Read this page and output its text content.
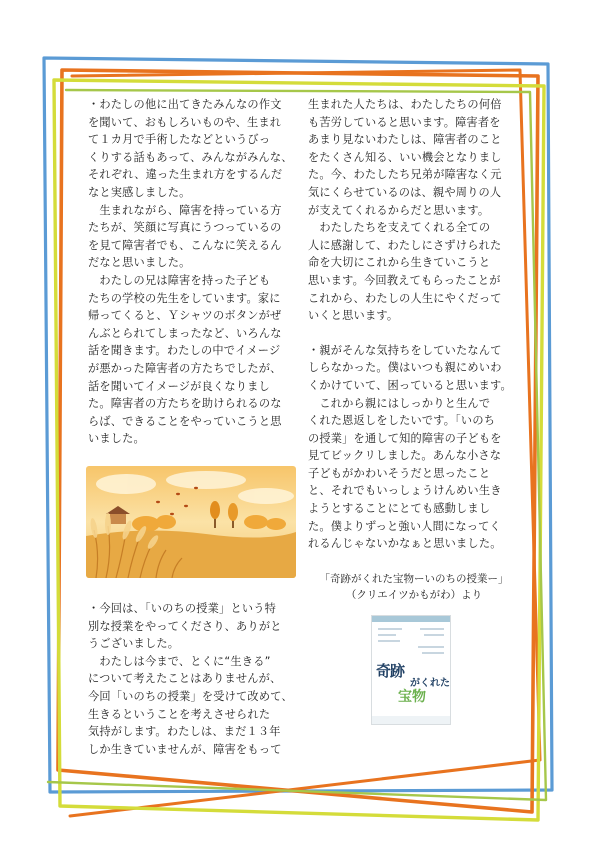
・わたしの他に出てきたみんなの作文
を聞いて、おもしろいものや、生まれ
て１カ月で手術したなどというびっ
くりする話もあって、みんながみんな、
それぞれ、違った生まれ方をするんだ
なと実感しました。

　生まれながら、障害を持っている方
たちが、笑顔に写真にうつっているの
を見て障害者でも、こんなに笑えるん
だなと思いました。

　わたしの兄は障害を持った子ども
たちの学校の先生をしています。家に
帰ってくると、Ｙシャツのボタンがぜ
んぶとられてしまったなど、いろんな
話を聞きます。わたしの中でイメージ
が悪かった障害者の方たちでしたが、
話を聞いてイメージが良くなりまし
た。障害者の方たちを助けられるのな
らば、できることをやっていこうと思
いました。

・今回は、「いのちの授業」という特
別な授業をやってくださり、ありがと
うございました。

　わたしは今まで、とくに“生きる”
について考えたことはありませんが、
今回「いのちの授業」を受けて改めて、
生きるということを考えさせられた
気持がします。わたしは、まだ１３年
しか生きていませんが、障害をもって

生まれた人たちは、わたしたちの何倍
も苦労していると思います。障害者を
あまり見ないわたしは、障害者のこと
をたくさん知る、いい機会となりまし
た。今、わたしたち兄弟が障害なく元
気にくらせているのは、親や周りの人
が支えてくれるからだと思います。

　わたしたちを支えてくれる全ての
人に感謝して、わたしにさずけられた
命を大切にこれから生きていこうと
思います。今回教えてもらったことが
これから、わたしの人生にやくだって
いくと思います。

・親がそんな気持ちをしていたなんて
しらなかった。僕はいつも親にめいわ
くかけていて、困っていると思います。

　これから親にはしっかりと生んで
くれた恩返しをしたいです。「いのち
の授業」を通して知的障害の子どもを
見てビックリしました。あんな小さな
子どもがかわいそうだと思ったこと
と、それでもいっしょうけんめい生き
ようとすることにとても感動しまし
た。僕よりずっと強い人間になってく
れるんじゃないかなぁと思いました。

「奇跡がくれた宝物ーいのちの授業ー」
（クリエイツかもがわ）より
奇跡
がくれた
宝物
